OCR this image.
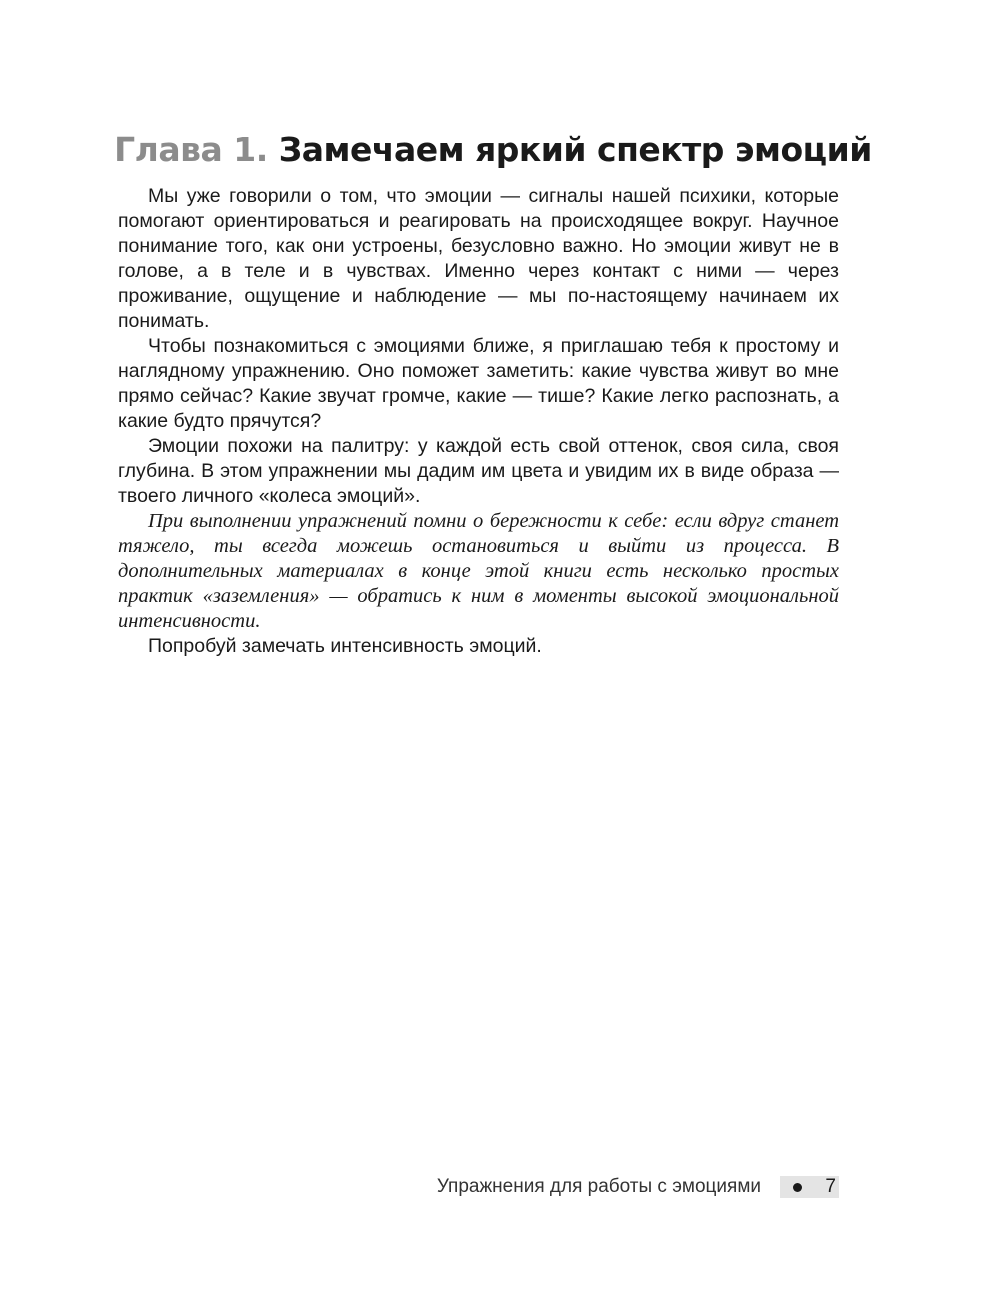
Глава 1. Замечаем яркий спектр эмоций

Мы уже говорили о том, что эмоции — сигналы нашей психики, которые помогают ориентироваться и реагировать на происходящее вокруг. Научное понимание того, как они устроены, безусловно важно. Но эмоции живут не в голове, а в теле и в чувствах. Именно через контакт с ними — через проживание, ощущение и наблюдение — мы по-настоящему начинаем их понимать.

Чтобы познакомиться с эмоциями ближе, я приглашаю тебя к простому и наглядному упражнению. Оно поможет заметить: какие чувства живут во мне прямо сейчас? Какие звучат громче, какие — тише? Какие легко распознать, а какие будто прячутся?

Эмоции похожи на палитру: у каждой есть свой оттенок, своя сила, своя глубина. В этом упражнении мы дадим им цвета и увидим их в виде образа — твоего личного «колеса эмоций».

При выполнении упражнений помни о бережности к себе: если вдруг станет тяжело, ты всегда можешь остановиться и выйти из процесса. В дополнительных материалах в конце этой книги есть несколько простых практик «заземления» — обратись к ним в моменты высокой эмоциональной интенсивности.

Попробуй замечать интенсивность эмоций.

Упражнения для работы с эмоциями	7
